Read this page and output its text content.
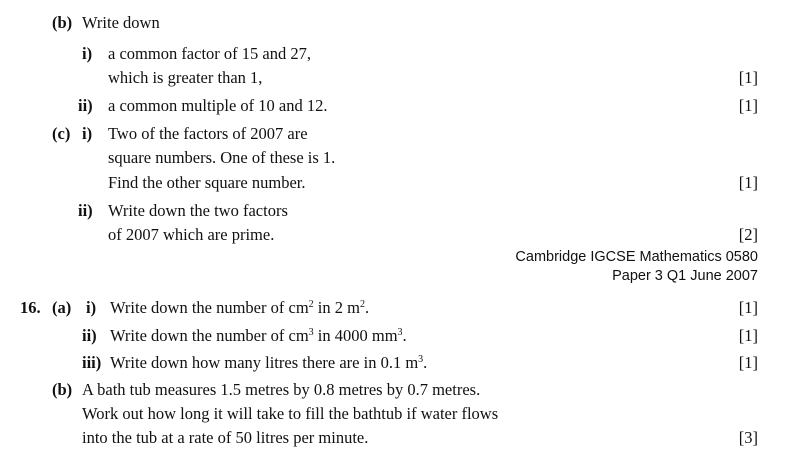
(b) Write down
i) a common factor of 15 and 27,
which is greater than 1,	[1]
ii) a common multiple of 10 and 12.	[1]
(c) i) Two of the factors of 2007 are
square numbers. One of these is 1.
Find the other square number.	[1]
ii) Write down the two factors
of 2007 which are prime.	[2]
Cambridge IGCSE Mathematics 0580
Paper 3 Q1 June 2007
16. (a) i) Write down the number of $cm^2$ in 2 $m^2$.	[1]
ii) Write down the number of $cm^3$ in 4000 $mm^3$.	[1]
iii) Write down how many litres there are in 0.1 $m^3$.	[1]
(b) A bath tub measures 1.5 metres by 0.8 metres by 0.7 metres.
Work out how long it will take to fill the bathtub if water flows
into the tub at a rate of 50 litres per minute.	[3]
